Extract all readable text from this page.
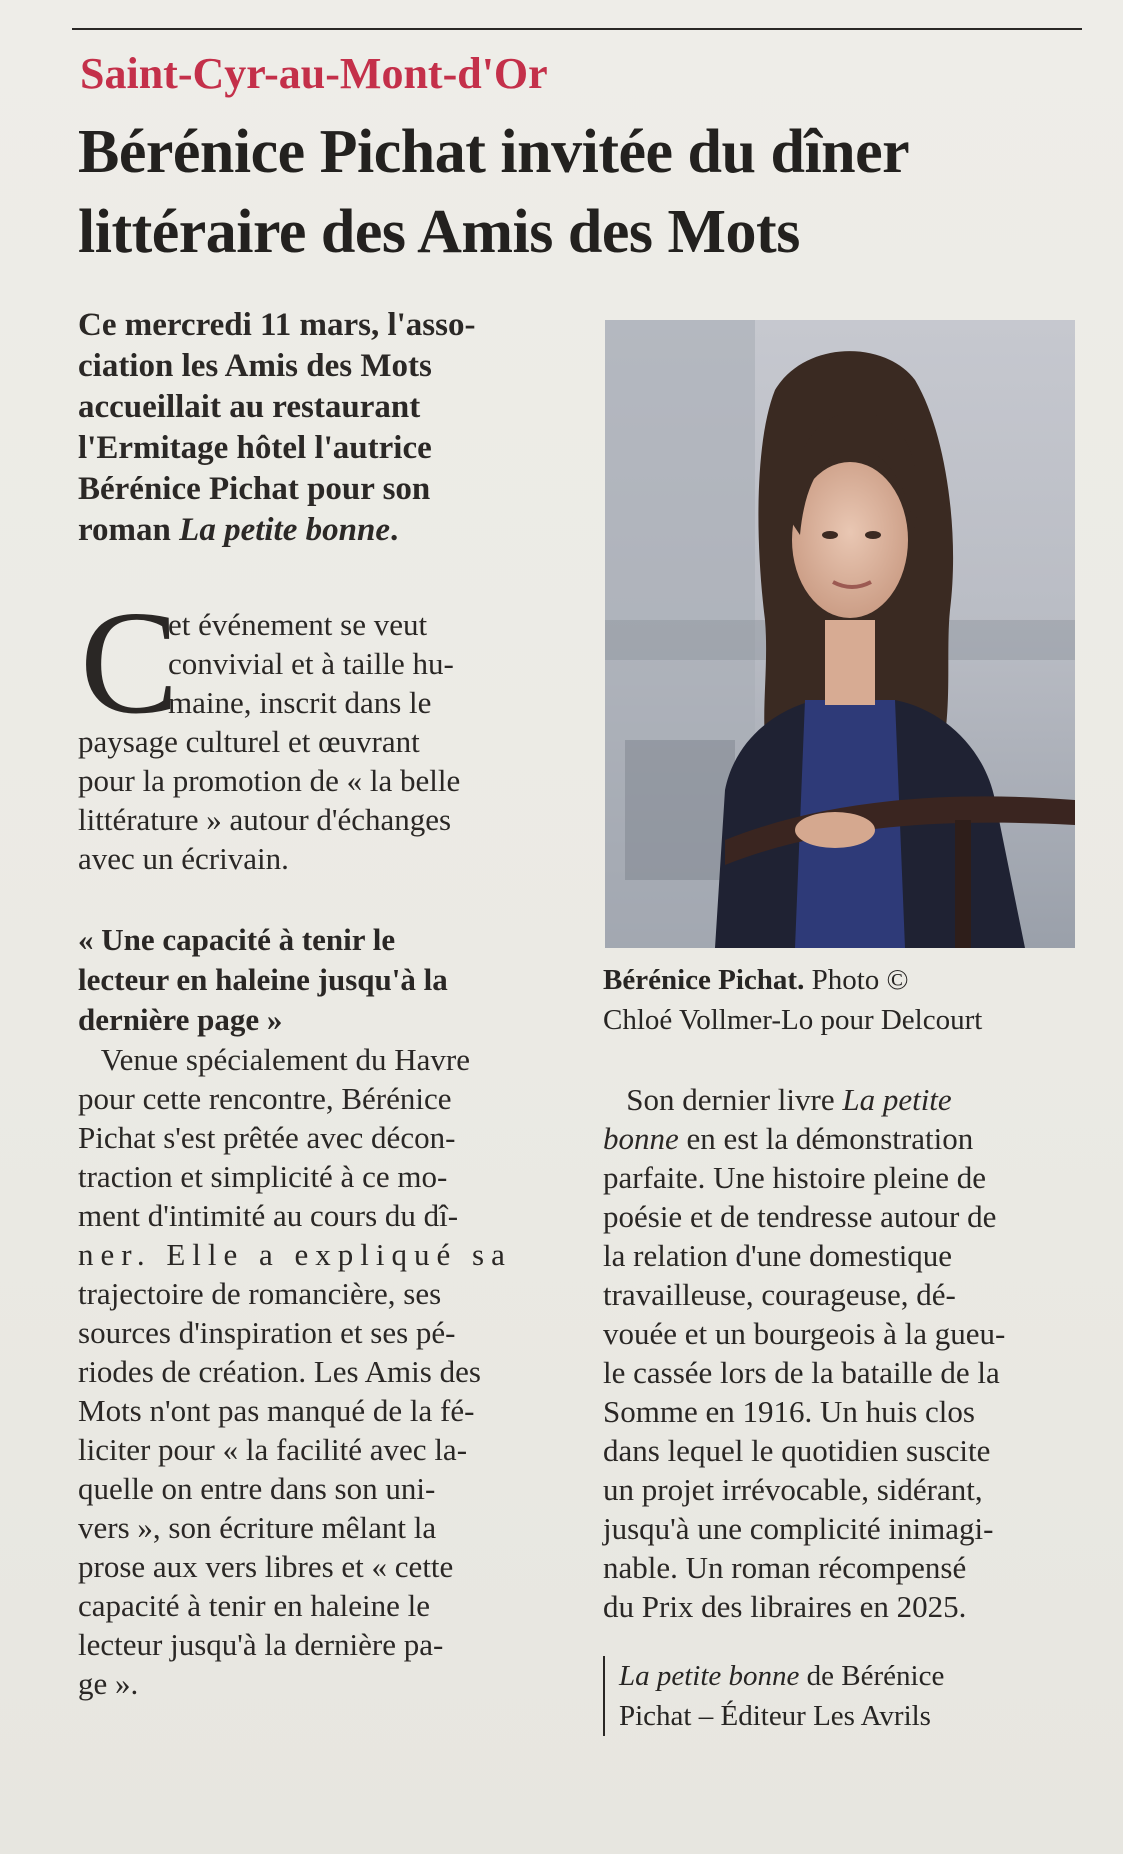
Saint-Cyr-au-Mont-d'Or
Bérénice Pichat invitée du dîner
littéraire des Amis des Mots
Ce mercredi 11 mars, l'asso-
ciation les Amis des Mots
accueillait au restaurant
l'Ermitage hôtel l'autrice
Bérénice Pichat pour son
roman La petite bonne.
Bérénice Pichat. Photo ©
Chloé Vollmer-Lo pour Delcourt
C
et événement se veut
convivial et à taille hu-
maine, inscrit dans le
paysage culturel et œuvrant
pour la promotion de « la belle
littérature » autour d'échanges
avec un écrivain.
« Une capacité à tenir le
lecteur en haleine jusqu'à la
dernière page »
Venue spécialement du Havre
pour cette rencontre, Bérénice
Pichat s'est prêtée avec décon-
traction et simplicité à ce mo-
ment d'intimité au cours du dî-
ner. Elle a expliqué sa
trajectoire de romancière, ses
sources d'inspiration et ses pé-
riodes de création. Les Amis des
Mots n'ont pas manqué de la fé-
liciter pour « la facilité avec la-
quelle on entre dans son uni-
vers », son écriture mêlant la
prose aux vers libres et « cette
capacité à tenir en haleine le
lecteur jusqu'à la dernière pa-
ge ».
Son dernier livre La petite
bonne en est la démonstration
parfaite. Une histoire pleine de
poésie et de tendresse autour de
la relation d'une domestique
travailleuse, courageuse, dé-
vouée et un bourgeois à la gueu-
le cassée lors de la bataille de la
Somme en 1916. Un huis clos
dans lequel le quotidien suscite
un projet irrévocable, sidérant,
jusqu'à une complicité inimagi-
nable. Un roman récompensé
du Prix des libraires en 2025.
La petite bonne de Bérénice
Pichat – Éditeur Les Avrils
